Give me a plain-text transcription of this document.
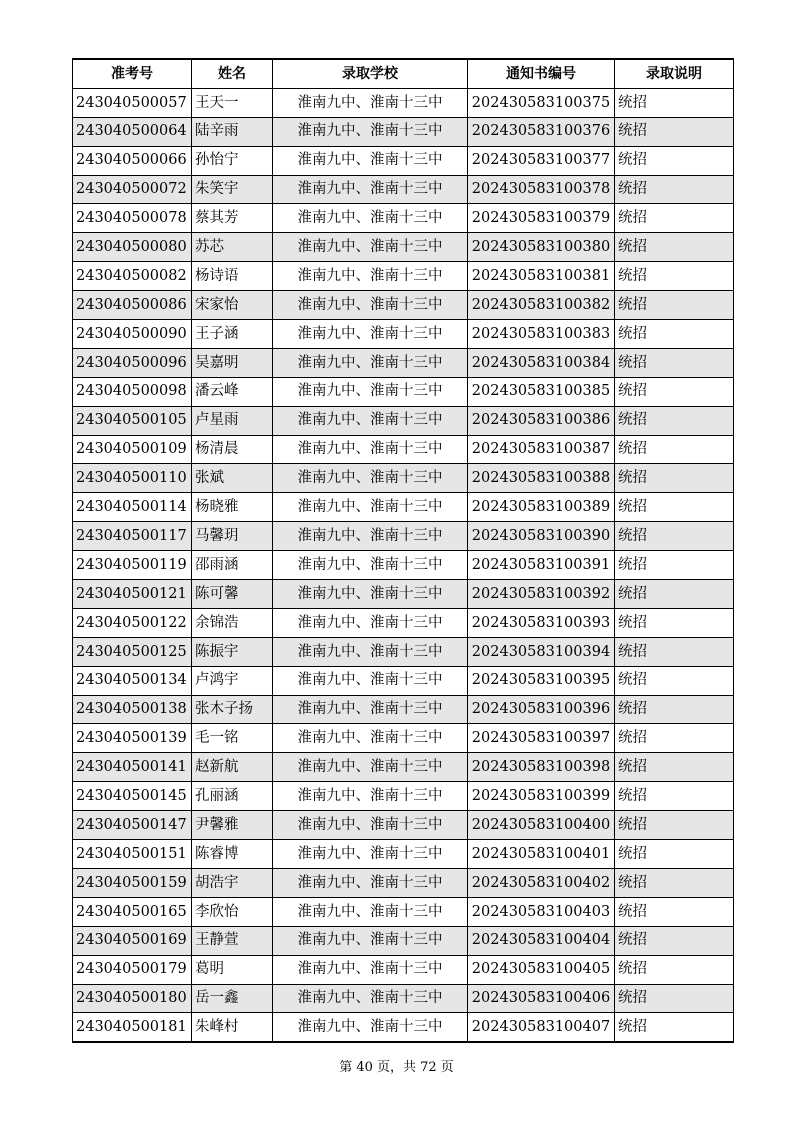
准考号	姓名	录取学校	通知书编号	录取说明
243040500057	王天一	淮南九中、淮南十三中	202430583100375	统招
243040500064	陆辛雨	淮南九中、淮南十三中	202430583100376	统招
243040500066	孙怡宁	淮南九中、淮南十三中	202430583100377	统招
243040500072	朱笑宇	淮南九中、淮南十三中	202430583100378	统招
243040500078	蔡其芳	淮南九中、淮南十三中	202430583100379	统招
243040500080	苏芯	淮南九中、淮南十三中	202430583100380	统招
243040500082	杨诗语	淮南九中、淮南十三中	202430583100381	统招
243040500086	宋家怡	淮南九中、淮南十三中	202430583100382	统招
243040500090	王子涵	淮南九中、淮南十三中	202430583100383	统招
243040500096	吴嘉明	淮南九中、淮南十三中	202430583100384	统招
243040500098	潘云峰	淮南九中、淮南十三中	202430583100385	统招
243040500105	卢星雨	淮南九中、淮南十三中	202430583100386	统招
243040500109	杨清晨	淮南九中、淮南十三中	202430583100387	统招
243040500110	张斌	淮南九中、淮南十三中	202430583100388	统招
243040500114	杨晓雅	淮南九中、淮南十三中	202430583100389	统招
243040500117	马馨玥	淮南九中、淮南十三中	202430583100390	统招
243040500119	邵雨涵	淮南九中、淮南十三中	202430583100391	统招
243040500121	陈可馨	淮南九中、淮南十三中	202430583100392	统招
243040500122	余锦浩	淮南九中、淮南十三中	202430583100393	统招
243040500125	陈振宇	淮南九中、淮南十三中	202430583100394	统招
243040500134	卢鸿宇	淮南九中、淮南十三中	202430583100395	统招
243040500138	张木子扬	淮南九中、淮南十三中	202430583100396	统招
243040500139	毛一铭	淮南九中、淮南十三中	202430583100397	统招
243040500141	赵新航	淮南九中、淮南十三中	202430583100398	统招
243040500145	孔丽涵	淮南九中、淮南十三中	202430583100399	统招
243040500147	尹馨雅	淮南九中、淮南十三中	202430583100400	统招
243040500151	陈睿博	淮南九中、淮南十三中	202430583100401	统招
243040500159	胡浩宇	淮南九中、淮南十三中	202430583100402	统招
243040500165	李欣怡	淮南九中、淮南十三中	202430583100403	统招
243040500169	王静萱	淮南九中、淮南十三中	202430583100404	统招
243040500179	葛明	淮南九中、淮南十三中	202430583100405	统招
243040500180	岳一鑫	淮南九中、淮南十三中	202430583100406	统招
243040500181	朱峰村	淮南九中、淮南十三中	202430583100407	统招
第 40 页，共 72 页
